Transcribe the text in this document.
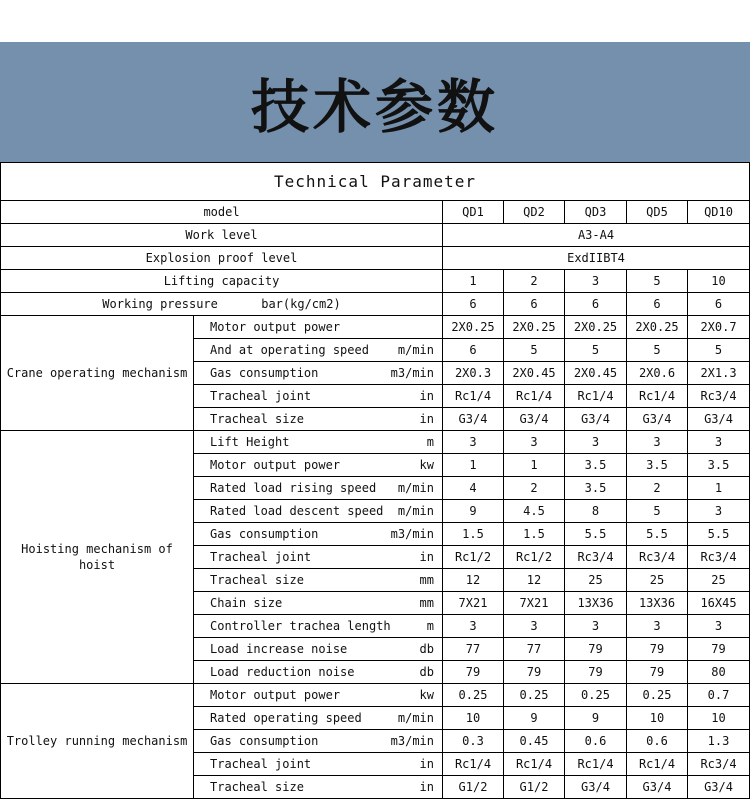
技术参数
Technical Parameter						
model		QD1	QD2	QD3	QD5	QD10
Work level		A3-A4				
Explosion proof level		ExdIIBT4				
Lifting capacity		1	2	3	5	10
Working pressure bar(kg/cm2)		6	6	6	6	6
Crane operating mechanism	Motor output power	2X0.25	2X0.25	2X0.25	2X0.25	2X0.7

	And at operating speed m/min	6	5	5	5	5

	Gas consumption m3/min	2X0.3	2X0.45	2X0.45	2X0.6	2X1.3

	Tracheal joint in	Rc1/4	Rc1/4	Rc1/4	Rc1/4	Rc3/4

	Tracheal size in	G3/4	G3/4	G3/4	G3/4	G3/4
Hoisting mechanism of hoist	Lift Height m	3	3	3	3	3

	Motor output power kw	1	1	3.5	3.5	3.5

	Rated load rising speed m/min	4	2	3.5	2	1

	Rated load descent speed m/min	9	4.5	8	5	3

	Gas consumption m3/min	1.5	1.5	5.5	5.5	5.5

	Tracheal joint in	Rc1/2	Rc1/2	Rc3/4	Rc3/4	Rc3/4

	Tracheal size mm	12	12	25	25	25

	Chain size mm	7X21	7X21	13X36	13X36	16X45

	Controller trachea length m	3	3	3	3	3

	Load increase noise db	77	77	79	79	79

	Load reduction noise db	79	79	79	79	80
Trolley running mechanism	Motor output power kw	0.25	0.25	0.25	0.25	0.7

	Rated operating speed m/min	10	9	9	10	10

	Gas consumption m3/min	0.3	0.45	0.6	0.6	1.3

	Tracheal joint in	Rc1/4	Rc1/4	Rc1/4	Rc1/4	Rc3/4

	Tracheal size in	G1/2	G1/2	G3/4	G3/4	G3/4
